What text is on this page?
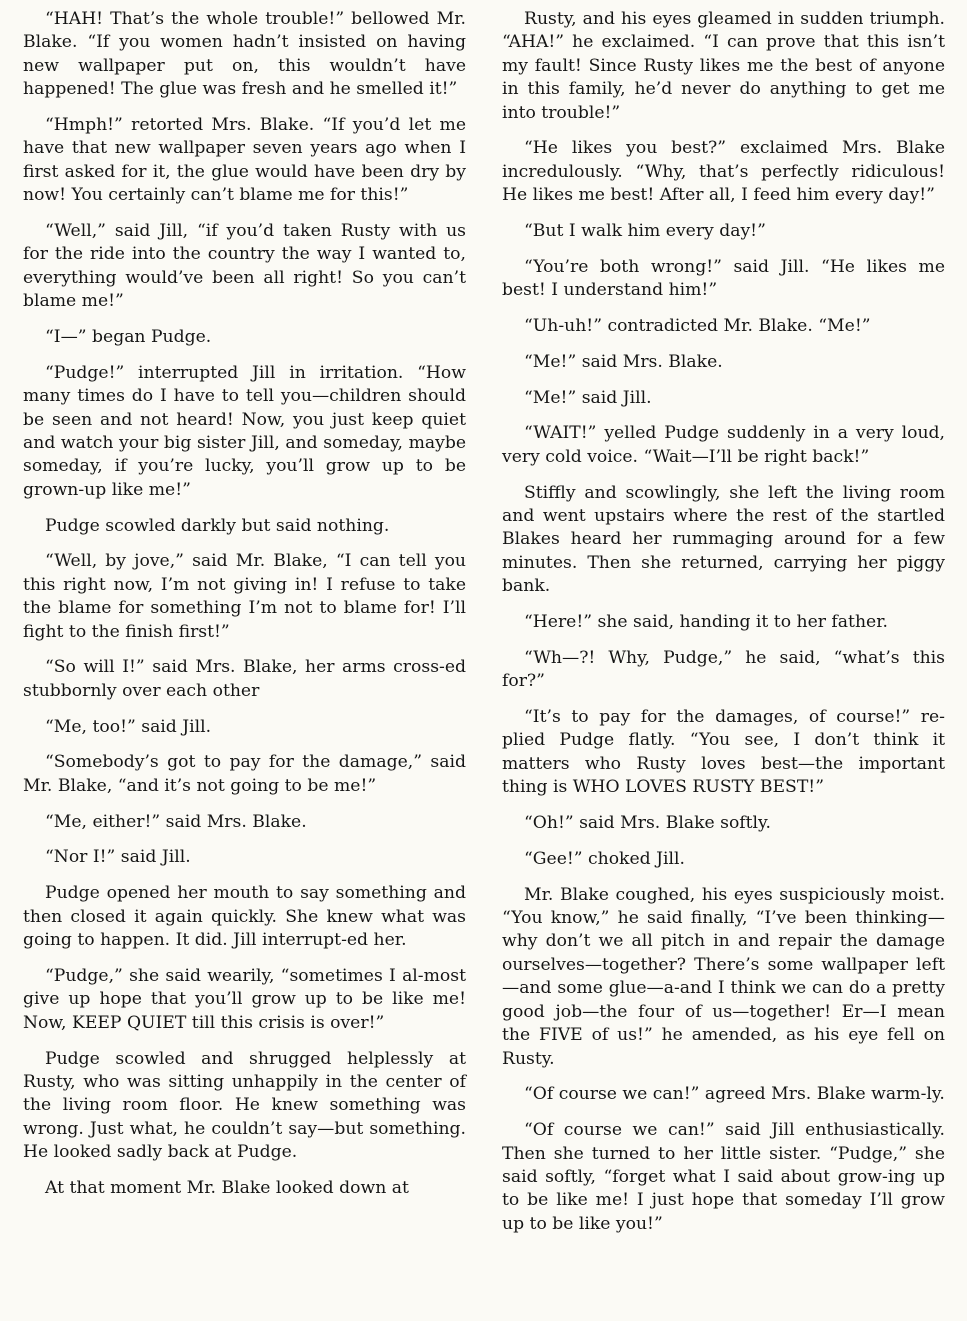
“HAH! That’s the whole trouble!” bellowed Mr. Blake. “If you women hadn’t insisted on having new wallpaper put on, this wouldn’t have happened! The glue was fresh and he smelled it!”

“Hmph!” retorted Mrs. Blake. “If you’d let me have that new wallpaper seven years ago when I first asked for it, the glue would have been dry by now! You certainly can’t blame me for this!”

“Well,” said Jill, “if you’d taken Rusty with us for the ride into the country the way I wanted to, everything would’ve been all right! So you can’t blame me!”

“I—” began Pudge.

“Pudge!” interrupted Jill in irritation. “How many times do I have to tell you—children should be seen and not heard! Now, you just keep quiet and watch your big sister Jill, and someday, maybe someday, if you’re lucky, you’ll grow up to be grown-up like me!”

Pudge scowled darkly but said nothing.

“Well, by jove,” said Mr. Blake, “I can tell you this right now, I’m not giving in! I refuse to take the blame for something I’m not to blame for! I’ll fight to the finish first!”

“So will I!” said Mrs. Blake, her arms cross-ed stubbornly over each other

“Me, too!” said Jill.

“Somebody’s got to pay for the damage,” said Mr. Blake, “and it’s not going to be me!”

“Me, either!” said Mrs. Blake.

“Nor I!” said Jill.

Pudge opened her mouth to say something and then closed it again quickly. She knew what was going to happen. It did. Jill interrupt-ed her.

“Pudge,” she said wearily, “sometimes I al-most give up hope that you’ll grow up to be like me! Now, KEEP QUIET till this crisis is over!”

Pudge scowled and shrugged helplessly at Rusty, who was sitting unhappily in the center of the living room floor. He knew something was wrong. Just what, he couldn’t say—but something. He looked sadly back at Pudge.

At that moment Mr. Blake looked down at

Rusty, and his eyes gleamed in sudden triumph. “AHA!” he exclaimed. “I can prove that this isn’t my fault! Since Rusty likes me the best of anyone in this family, he’d never do anything to get me into trouble!”

“He likes you best?” exclaimed Mrs. Blake incredulously. “Why, that’s perfectly ridiculous! He likes me best! After all, I feed him every day!”

“But I walk him every day!”

“You’re both wrong!” said Jill. “He likes me best! I understand him!”

“Uh-uh!” contradicted Mr. Blake. “Me!”

“Me!” said Mrs. Blake.

“Me!” said Jill.

“WAIT!” yelled Pudge suddenly in a very loud, very cold voice. “Wait—I’ll be right back!”

Stiffly and scowlingly, she left the living room and went upstairs where the rest of the startled Blakes heard her rummaging around for a few minutes. Then she returned, carrying her piggy bank.

“Here!” she said, handing it to her father.

“Wh—?! Why, Pudge,” he said, “what’s this for?”

“It’s to pay for the damages, of course!” re-plied Pudge flatly. “You see, I don’t think it matters who Rusty loves best—the important thing is WHO LOVES RUSTY BEST!”

“Oh!” said Mrs. Blake softly.

“Gee!” choked Jill.

Mr. Blake coughed, his eyes suspiciously moist. “You know,” he said finally, “I’ve been thinking—why don’t we all pitch in and repair the damage ourselves—together? There’s some wallpaper left—and some glue—a-and I think we can do a pretty good job—the four of us—together! Er—I mean the FIVE of us!” he amended, as his eye fell on Rusty.

“Of course we can!” agreed Mrs. Blake warm-ly.

“Of course we can!” said Jill enthusiastically. Then she turned to her little sister. “Pudge,” she said softly, “forget what I said about grow-ing up to be like me! I just hope that someday I’ll grow up to be like you!”
